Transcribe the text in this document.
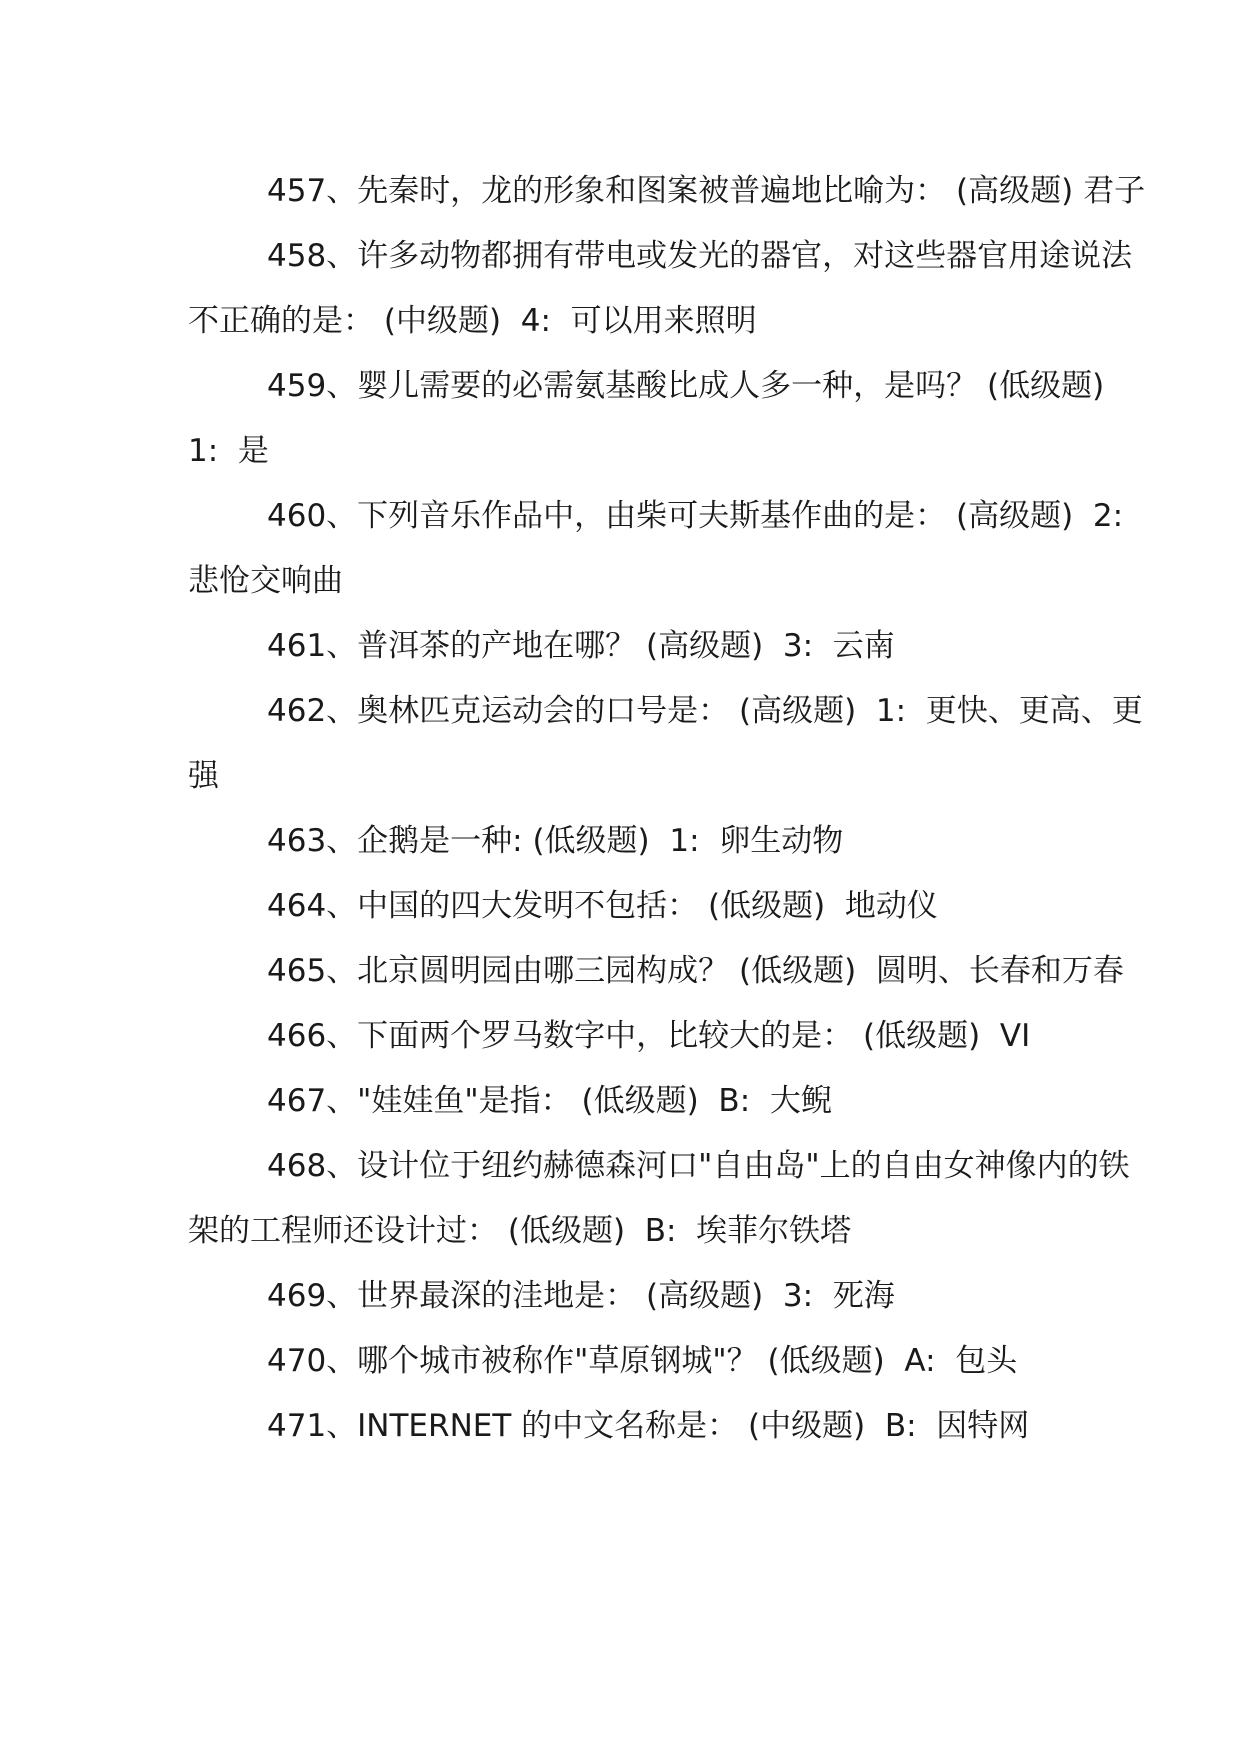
457、先秦时，龙的形象和图案被普遍地比喻为： (高级题) 君子

458、许多动物都拥有带电或发光的器官，对这些器官用途说法不正确的是： (中级题)  4:  可以用来照明

459、婴儿需要的必需氨基酸比成人多一种，是吗？ (低级题)  1:  是

460、下列音乐作品中，由柴可夫斯基作曲的是： (高级题)  2:  悲怆交响曲

461、普洱茶的产地在哪？ (高级题)  3:  云南

462、奥林匹克运动会的口号是： (高级题)  1:  更快、更高、更强

463、企鹅是一种: (低级题)  1:  卵生动物

464、中国的四大发明不包括： (低级题)  地动仪

465、北京圆明园由哪三园构成？ (低级题)  圆明、长春和万春

466、下面两个罗马数字中，比较大的是： (低级题)  VI

467、"娃娃鱼"是指： (低级题)  B:  大鲵

468、设计位于纽约赫德森河口"自由岛"上的自由女神像内的铁架的工程师还设计过： (低级题)  B:  埃菲尔铁塔

469、世界最深的洼地是： (高级题)  3:  死海

470、哪个城市被称作"草原钢城"？ (低级题)  A:  包头

471、INTERNET 的中文名称是： (中级题)  B:  因特网
